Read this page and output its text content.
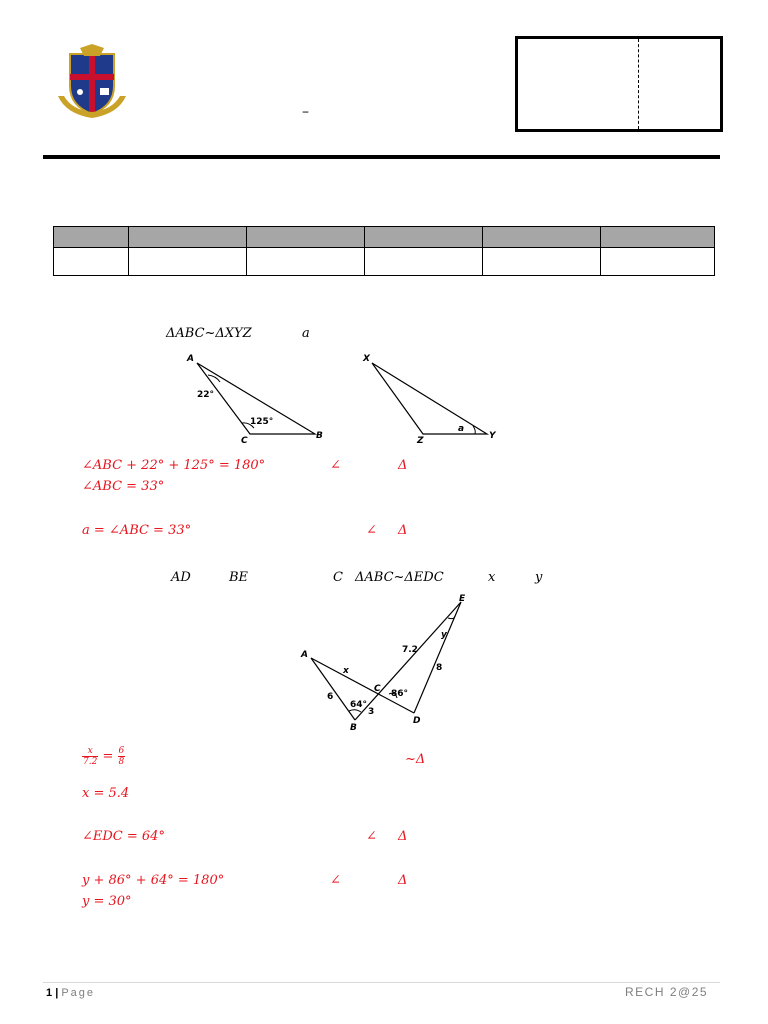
–

ΔABC~ΔXYZ	a
A
B
C
22°
125°
X
Y
Z
a
∠ABC + 22° + 125° = 180°	∠	Δ
∠ABC = 33°
a = ∠ABC = 33°	∠ Δ
AD	BE	C ΔABC~ΔEDC	x	y
A
B
C
D
E
x
y
6
3
7.2
8
64°
86°
$\frac{x}{7.2} = \frac{6}{8}$	~Δ
x = 5.4
∠EDC = 64°	∠ Δ
y + 86° + 64° = 180°	∠	Δ
y = 30°
1 | Page	RECH 2@25
